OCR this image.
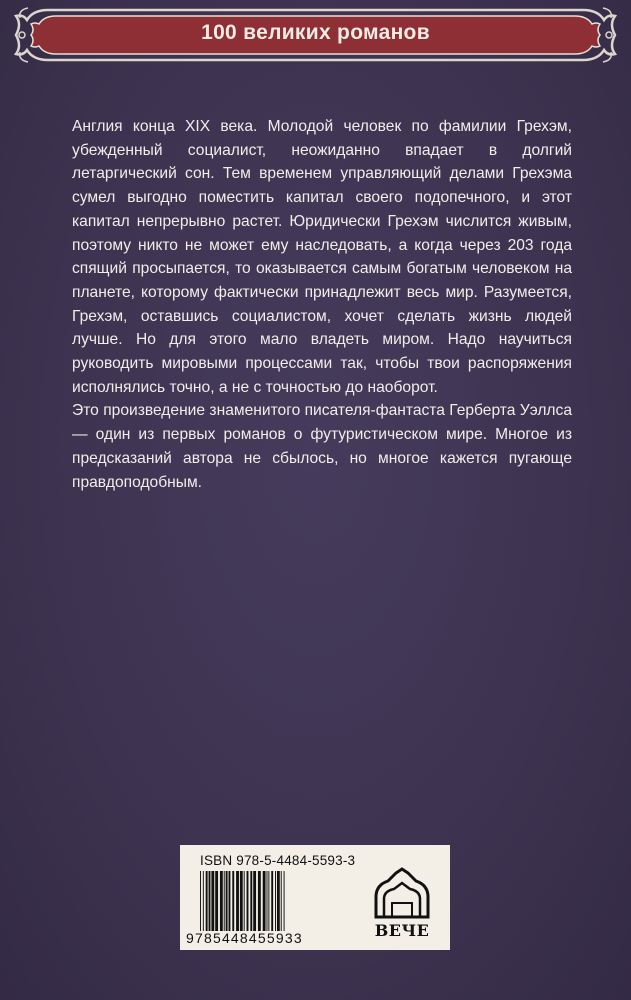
100 великих романов

Англия конца XIX века. Молодой человек по фамилии Грехэм, убежденный социалист, неожиданно впадает в долгий летаргический сон. Тем временем управляющий делами Грехэма сумел выгодно поместить капитал своего подопечного, и этот капитал непрерывно растет. Юридически Грехэм числится живым, поэтому никто не может ему наследовать, а когда через 203 года спящий просыпается, то оказывается самым богатым человеком на планете, которому фактически принадлежит весь мир. Разумеется, Грехэм, оставшись социалистом, хочет сделать жизнь людей лучше. Но для этого мало владеть миром. Надо научиться руководить мировыми процессами так, чтобы твои распоряжения исполнялись точно, а не с точностью до наоборот.

Это произведение знаменитого писателя-фантаста Герберта Уэллса — один из первых романов о футуристическом мире. Многое из предсказаний автора не сбылось, но многое кажется пугающе правдоподобным.

ISBN 978-5-4484-5593-3
9785448455933	ВЕЧЕ
